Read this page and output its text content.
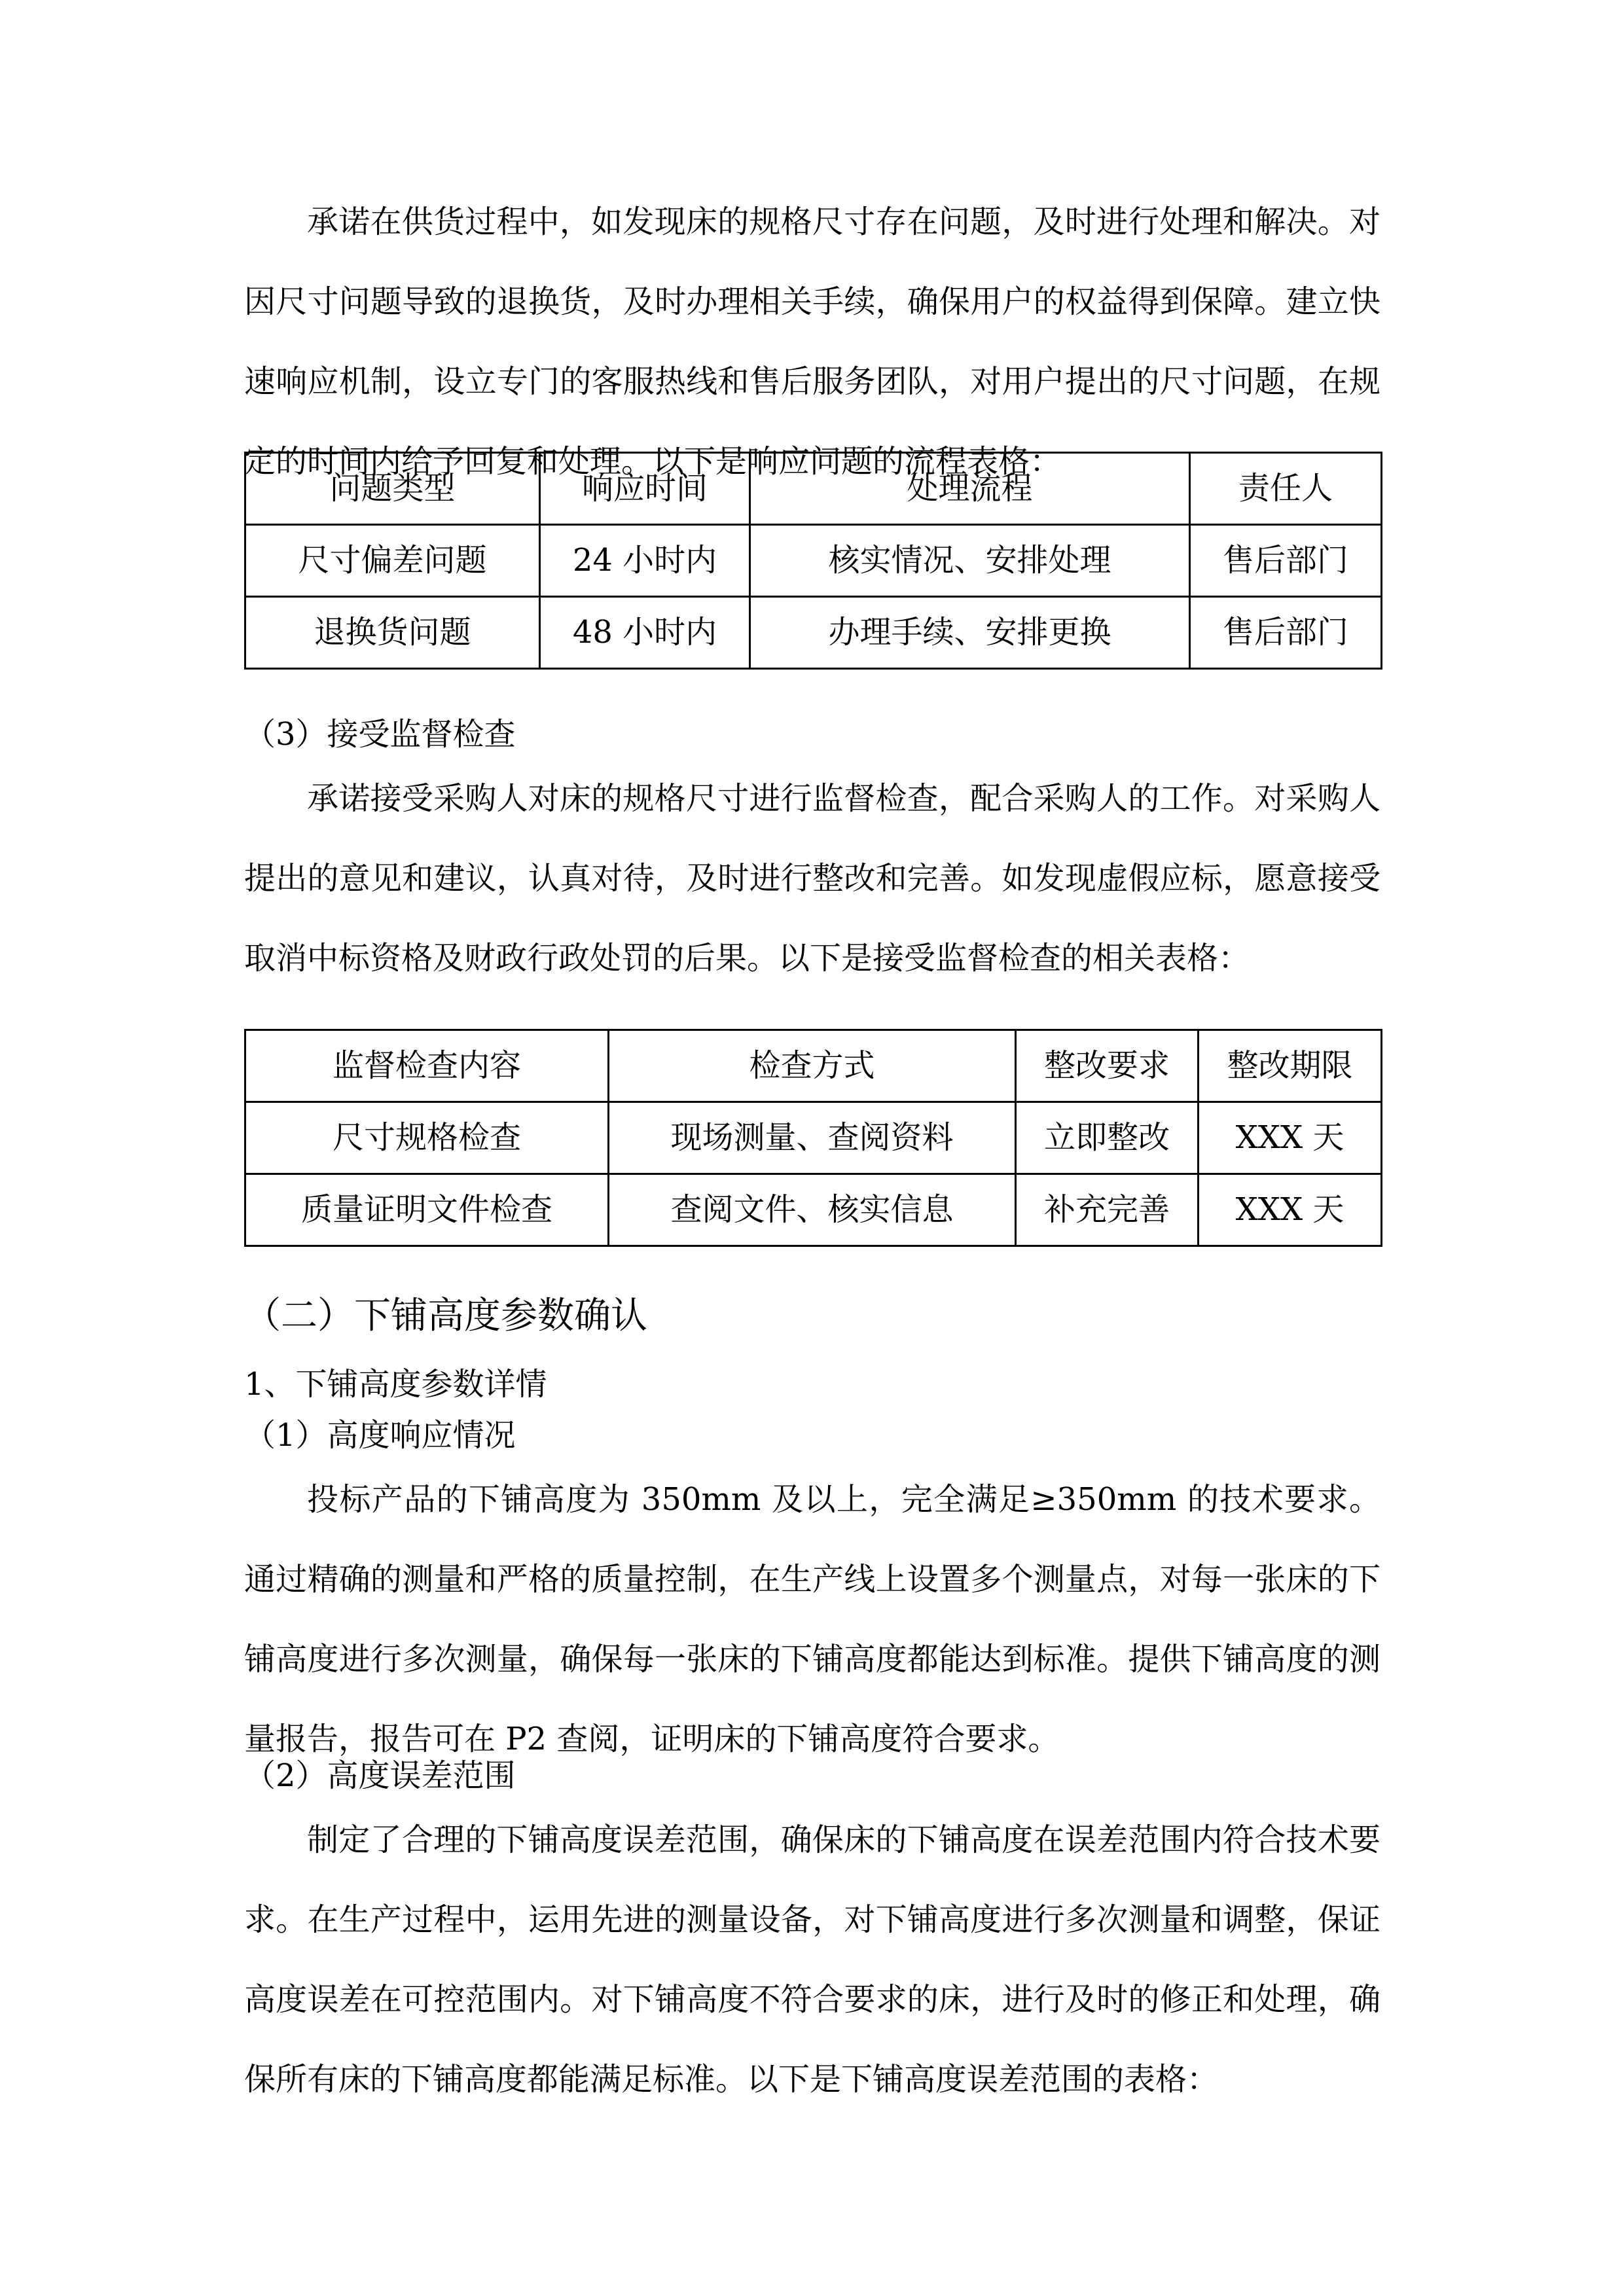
承诺在供货过程中，如发现床的规格尺寸存在问题，及时进行处理和解决。对因尺寸问题导致的退换货，及时办理相关手续，确保用户的权益得到保障。建立快速响应机制，设立专门的客服热线和售后服务团队，对用户提出的尺寸问题，在规定的时间内给予回复和处理。以下是响应问题的流程表格：

问题类型	响应时间	处理流程	责任人
尺寸偏差问题	24 小时内	核实情况、安排处理	售后部门
退换货问题	48 小时内	办理手续、安排更换	售后部门

（3）接受监督检查

承诺接受采购人对床的规格尺寸进行监督检查，配合采购人的工作。对采购人提出的意见和建议，认真对待，及时进行整改和完善。如发现虚假应标，愿意接受取消中标资格及财政行政处罚的后果。以下是接受监督检查的相关表格：

监督检查内容	检查方式	整改要求	整改期限
尺寸规格检查	现场测量、查阅资料	立即整改	XXX 天
质量证明文件检查	查阅文件、核实信息	补充完善	XXX 天

（二）下铺高度参数确认

1、下铺高度参数详情

（1）高度响应情况

投标产品的下铺高度为 350mm 及以上，完全满足≥350mm 的技术要求。通过精确的测量和严格的质量控制，在生产线上设置多个测量点，对每一张床的下铺高度进行多次测量，确保每一张床的下铺高度都能达到标准。提供下铺高度的测量报告，报告可在 P2 查阅，证明床的下铺高度符合要求。

（2）高度误差范围

制定了合理的下铺高度误差范围，确保床的下铺高度在误差范围内符合技术要求。在生产过程中，运用先进的测量设备，对下铺高度进行多次测量和调整，保证高度误差在可控范围内。对下铺高度不符合要求的床，进行及时的修正和处理，确保所有床的下铺高度都能满足标准。以下是下铺高度误差范围的表格：
